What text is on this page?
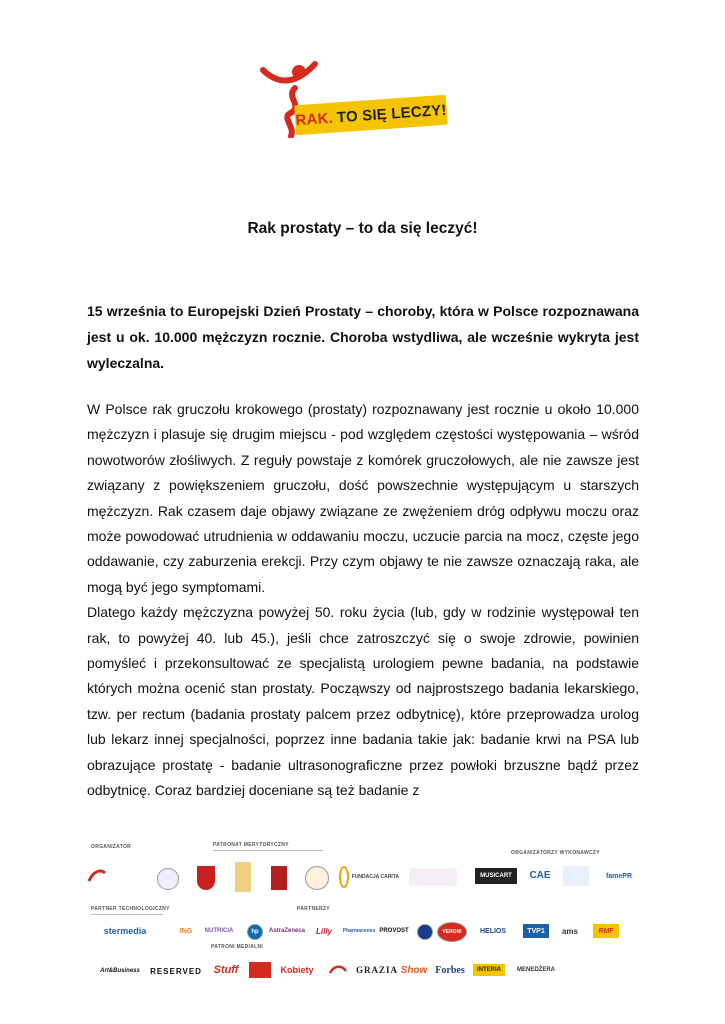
RAK. TO SIĘ LECZY!
Rak prostaty – to da się leczyć!
15 września to Europejski Dzień Prostaty – choroby, która w Polsce rozpoznawana jest u ok. 10.000 mężczyzn rocznie. Choroba wstydliwa, ale wcześnie wykryta jest wyleczalna.

W Polsce rak gruczołu krokowego (prostaty) rozpoznawany jest rocznie u około 10.000 mężczyzn i plasuje się drugim miejscu - pod względem częstości występowania – wśród nowotworów złośliwych. Z reguły powstaje z komórek gruczołowych, ale nie zawsze jest związany z powiększeniem gruczołu, dość powszechnie występującym u starszych mężczyzn. Rak czasem daje objawy związane ze zwężeniem dróg odpływu moczu oraz może powodować utrudnienia w oddawaniu moczu, uczucie parcia na mocz, częste jego oddawanie, czy zaburzenia erekcji. Przy czym objawy te nie zawsze oznaczają raka, ale mogą być jego symptomami.

Dlatego każdy mężczyzna powyżej 50. roku życia (lub, gdy w rodzinie występował ten rak, to powyżej 40. lub 45.), jeśli chce zatroszczyć się o swoje zdrowie, powinien pomyśleć i przekonsultować ze specjalistą urologiem pewne badania, na podstawie których można ocenić stan prostaty. Począwszy od najprostszego badania lekarskiego, tzw. per rectum (badania prostaty palcem przez odbytnicę), które przeprowadza urolog lub lekarz innej specjalności, poprzez inne badania takie jak: badanie krwi na PSA lub obrazujące prostatę - badanie ultrasonograficzne przez powłoki brzuszne bądź przez odbytnicę. Coraz bardziej doceniane są też badanie z

ORGANIZATOR	PATRONAT MERYTORYCZNY
ORGANIZATORZY WYKONAWCZY
FUNDACJA CARITA	MUSICART	CAE	famePR
PARTNER TECHNOLOGICZNY	PARTNERZY
stermedia	ING	NUTRICIA	hp	AstraZeneca	Lilly	Pharmacenes PROVOST	VERONI	HELIOS	TVP1	ams	RMF
PATRONI MEDIALNI
Art&Business	RESERVED	Stuff	Kobiety	GRAZIA Show Forbes	INTERIA	MENEDŻERA
